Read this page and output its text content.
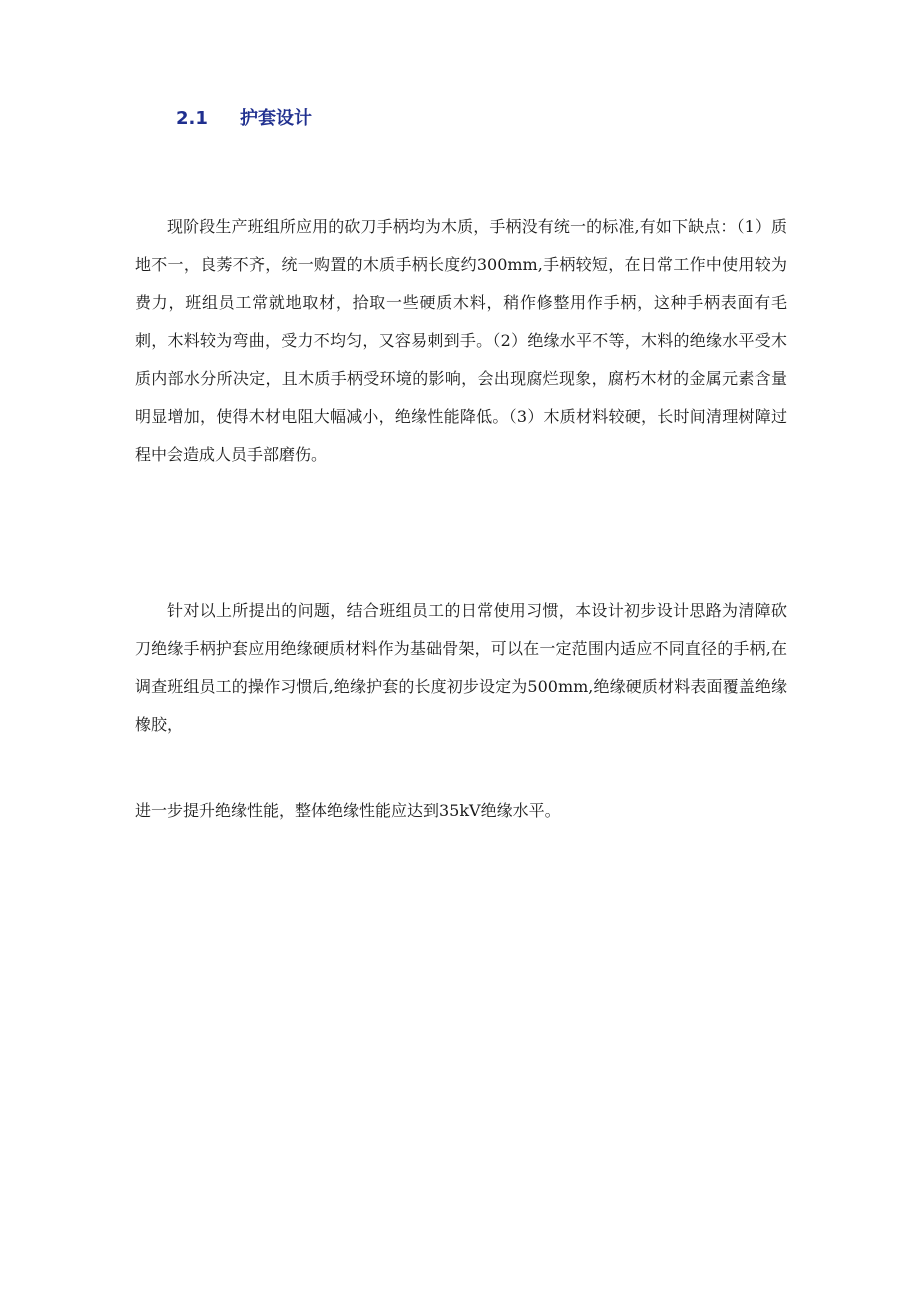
2.1	护套设计

现阶段生产班组所应用的砍刀手柄均为木质，手柄没有统一的标准,有如下缺点：（1）质地不一，良莠不齐，统一购置的木质手柄长度约300mm,手柄较短，在日常工作中使用较为费力，班组员工常就地取材，拾取一些硬质木料，稍作修整用作手柄，这种手柄表面有毛刺，木料较为弯曲，受力不均匀，又容易刺到手。（2）绝缘水平不等，木料的绝缘水平受木质内部水分所决定，且木质手柄受环境的影响，会出现腐烂现象，腐朽木材的金属元素含量明显增加，使得木材电阻大幅减小，绝缘性能降低。（3）木质材料较硬，长时间清理树障过程中会造成人员手部磨伤。

针对以上所提出的问题，结合班组员工的日常使用习惯，本设计初步设计思路为清障砍刀绝缘手柄护套应用绝缘硬质材料作为基础骨架，可以在一定范围内适应不同直径的手柄,在调查班组员工的操作习惯后,绝缘护套的长度初步设定为500mm,绝缘硬质材料表面覆盖绝缘橡胶，

进一步提升绝缘性能，整体绝缘性能应达到35kV绝缘水平。
